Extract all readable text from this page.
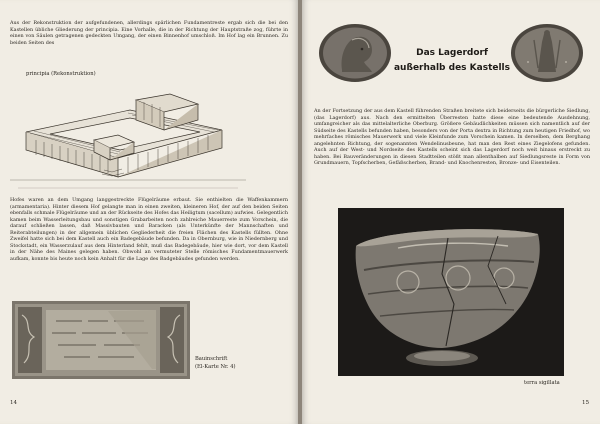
Aus der Rekonstruktion der aufgefundenen, allerdings spärlichen Fundamentreste ergab sich die bei den Kastellen übliche Gliederung der principia. Eine Vorhalle, die in der Richtung der Hauptstraße zog, führte in einen von Säulen getragenen gedeckten Umgang, der einen Binnenhof umschloß. Im Hof lag ein Brunnen. Zu beiden Seiten des
principia (Rekonstruktion)
Hofes waren an dem Umgang langgestreckte Flügelräume erbaut. Sie enthielten die Waffenkammern (armamentaria). Hinter diesem Hof gelangte man in einen zweiten, kleineren Hof, der auf den beiden Seiten ebenfalls schmale Flügelräume und an der Rückseite des Hofes das Heiligtum (sacellum) aufwies. Gelegentlich kamen beim Wasserleitungsbau und sonstigen Grabarbeiten noch zahlreiche Mauerreste zum Vorschein, die darauf schließen lassen, daß Massivbauten und Baracken (als Unterkünfte der Mannschaften und Reiterabteilungen) in der allgemein üblichen Gegliederheit die freien Flächen des Kastells füllten. Ohne Zweifel hatte sich bei dem Kastell auch ein Badegebäude befunden. Da in Obernburg, wie in Niedernberg und Stockstadt, ein Wasserzulauf aus dem Hinterland fehlt, muß das Badegebäude, hier wie dort, vor dem Kastell in der Nähe des Maines gelegen haben. Obwohl an vermuteter Stelle römisches Fundamentmauerwerk aufkam, konnte bis heute noch kein Anhalt für die Lage des Badgebäudes gefunden werden.
Bauinschrift
(El-Karte Nr. 4)
14
Das Lagerdorf
außerhalb des Kastells
An der Fortsetzung der aus dem Kastell führenden Straßen breitete sich beiderseits die bürgerliche Siedlung, (das Lagerdorf) aus. Nach den ermittelten Überresten hatte diese eine bedeutende Ausdehnung, umfangreicher als das mittelalterliche Oberburg. Größere Gebäudlichkeiten müssen sich namentlich auf der Südseite des Kastells befunden haben, besonders von der Porta dextra in Richtung zum heutigen Friedhof, wo mehrfaches römisches Mauerwerk und viele Kleinfunde zum Vorschein kamen. In derselben, dem Berghang angelehnten Richtung, der sogenannten Wendelinusbeune, hat man den Rest eines Ziegelofens gefunden. Auch auf der West- und Nordseite des Kastells scheint sich das Lagerdorf noch weit hinaus erstreckt zu haben. Bei Bauveränderungen in diesen Stadtteilen stößt man allenthalben auf Siedlungsreste in Form von Grundmauern, Topfscherben, Gefäßscherben, Brand- und Knochenresten, Bronze- und Eisenteilen.
terra sigillata
15
